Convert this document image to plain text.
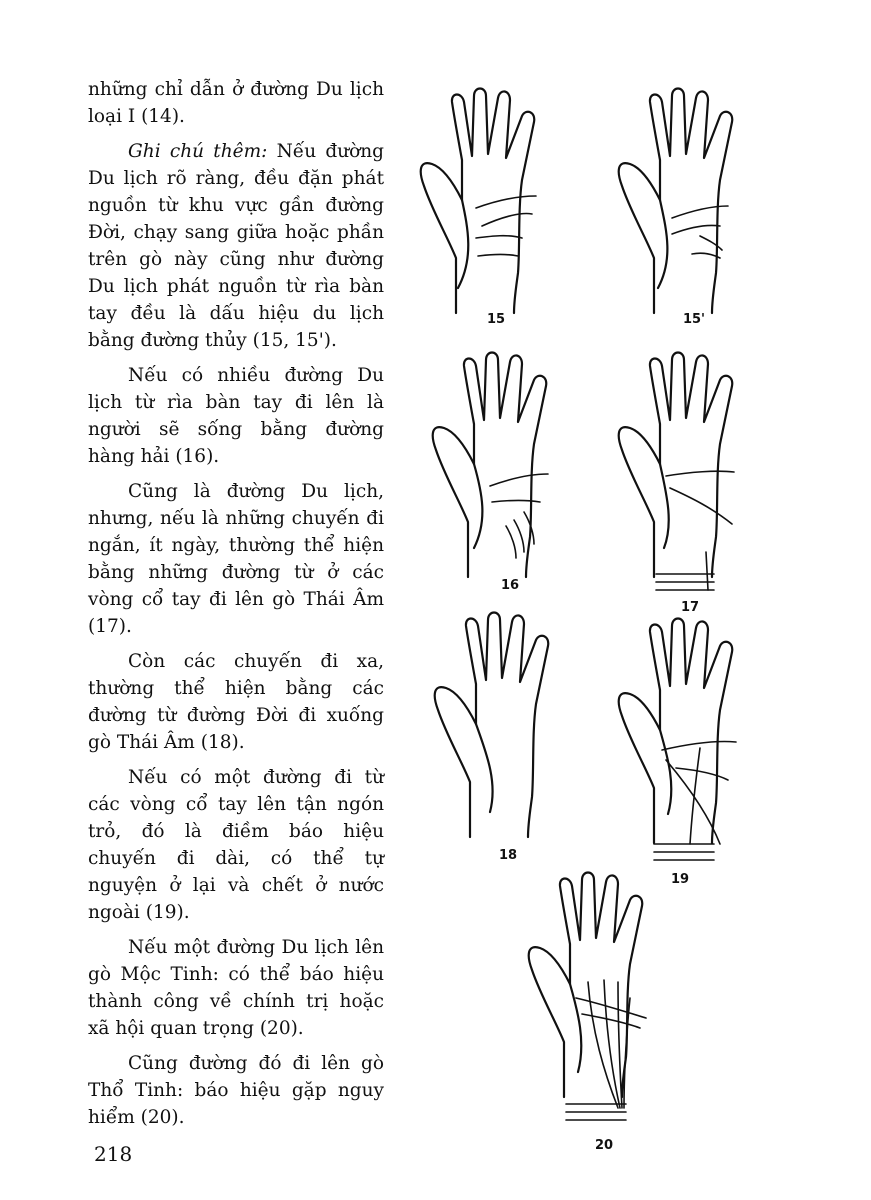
những chỉ dẫn ở đường Du lịch loại I (14).

Ghi chú thêm: Nếu đường Du lịch rõ ràng, đều đặn phát nguồn từ khu vực gần đường Đời, chạy sang giữa hoặc phần trên gò này cũng như đường Du lịch phát nguồn từ rìa bàn tay đều là dấu hiệu du lịch bằng đường thủy (15, 15').

Nếu có nhiều đường Du lịch từ rìa bàn tay đi lên là người sẽ sống bằng đường hàng hải (16).

Cũng là đường Du lịch, nhưng, nếu là những chuyến đi ngắn, ít ngày, thường thể hiện bằng những đường từ ở các vòng cổ tay đi lên gò Thái Âm (17).

Còn các chuyến đi xa, thường thể hiện bằng các đường từ đường Đời đi xuống gò Thái Âm (18).

Nếu có một đường đi từ các vòng cổ tay lên tận ngón trỏ, đó là điềm báo hiệu chuyến đi dài, có thể tự nguyện ở lại và chết ở nước ngoài (19).

Nếu một đường Du lịch lên gò Mộc Tinh: có thể báo hiệu thành công về chính trị hoặc xã hội quan trọng (20).

Cũng đường đó đi lên gò Thổ Tinh: báo hiệu gặp nguy hiểm (20).

218
15	15'
16
17
18
19
20
